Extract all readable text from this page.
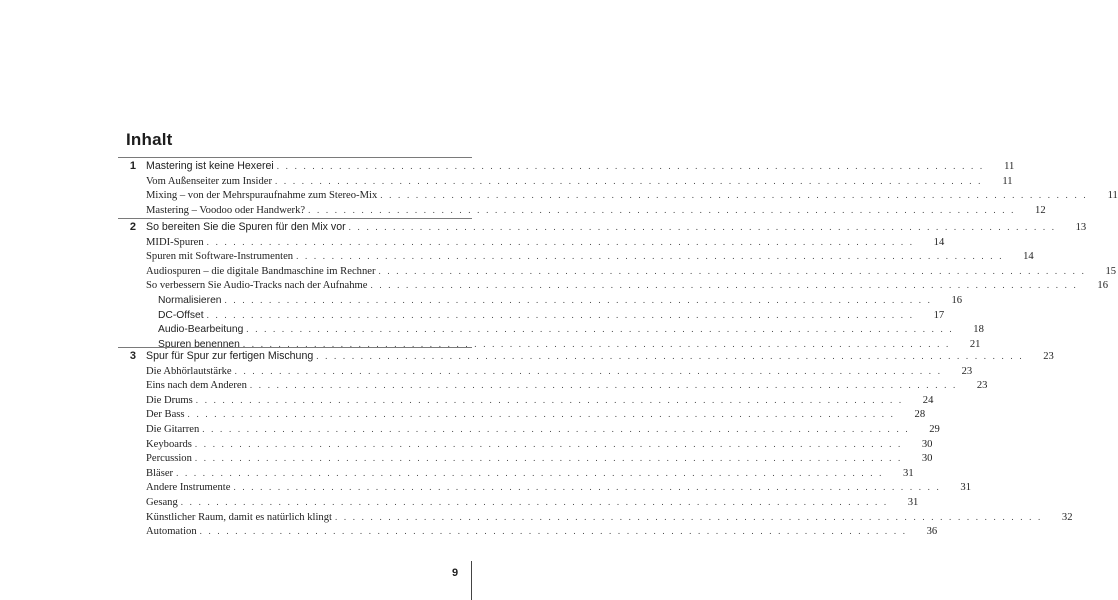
Inhalt
1 Mastering ist keine Hexerei . . . . . . . . . . . . . . . . . . . . . . . . . . . . . . . . . . . . . . . . . . . . . . . . . . . . . . . . . . . . . . . . . . . . . . . . . . . . . . . .	11
Vom Außenseiter zum Insider . . . . . . . . . . . . . . . . . . . . . . . . . . . . . . . . . . . . . . . . . . . . . . . . . . . . . . . . . . . . . . . . . . . . . . . . . . . . . . . .	11
Mixing – von der Mehrspuraufnahme zum Stereo-Mix . . . . . . . . . . . . . . . . . . . . . . . . . . . . . . . . . . . . . . . . . . . . . . . . . . . . . . . . . . . . . . . . . . . . . . . . . . . . . . . .	11
Mastering – Voodoo oder Handwerk? . . . . . . . . . . . . . . . . . . . . . . . . . . . . . . . . . . . . . . . . . . . . . . . . . . . . . . . . . . . . . . . . . . . . . . . . . . . . . . . .	12
2 So bereiten Sie die Spuren für den Mix vor . . . . . . . . . . . . . . . . . . . . . . . . . . . . . . . . . . . . . . . . . . . . . . . . . . . . . . . . . . . . . . . . . . . . . . . . . . . . . . . .	13
MIDI-Spuren . . . . . . . . . . . . . . . . . . . . . . . . . . . . . . . . . . . . . . . . . . . . . . . . . . . . . . . . . . . . . . . . . . . . . . . . . . . . . . . .	14
Spuren mit Software-Instrumenten . . . . . . . . . . . . . . . . . . . . . . . . . . . . . . . . . . . . . . . . . . . . . . . . . . . . . . . . . . . . . . . . . . . . . . . . . . . . . . . .	14
Audiospuren – die digitale Bandmaschine im Rechner . . . . . . . . . . . . . . . . . . . . . . . . . . . . . . . . . . . . . . . . . . . . . . . . . . . . . . . . . . . . . . . . . . . . . . . . . . . . . . . .	15
So verbessern Sie Audio-Tracks nach der Aufnahme . . . . . . . . . . . . . . . . . . . . . . . . . . . . . . . . . . . . . . . . . . . . . . . . . . . . . . . . . . . . . . . . . . . . . . . . . . . . . . . .	16
Normalisieren . . . . . . . . . . . . . . . . . . . . . . . . . . . . . . . . . . . . . . . . . . . . . . . . . . . . . . . . . . . . . . . . . . . . . . . . . . . . . . . .	16
DC-Offset . . . . . . . . . . . . . . . . . . . . . . . . . . . . . . . . . . . . . . . . . . . . . . . . . . . . . . . . . . . . . . . . . . . . . . . . . . . . . . . .	17
Audio-Bearbeitung . . . . . . . . . . . . . . . . . . . . . . . . . . . . . . . . . . . . . . . . . . . . . . . . . . . . . . . . . . . . . . . . . . . . . . . . . . . . . . . .	18
Spuren benennen . . . . . . . . . . . . . . . . . . . . . . . . . . . . . . . . . . . . . . . . . . . . . . . . . . . . . . . . . . . . . . . . . . . . . . . . . . . . . . . .	21
3 Spur für Spur zur fertigen Mischung . . . . . . . . . . . . . . . . . . . . . . . . . . . . . . . . . . . . . . . . . . . . . . . . . . . . . . . . . . . . . . . . . . . . . . . . . . . . . . . .	23
Die Abhörlautstärke . . . . . . . . . . . . . . . . . . . . . . . . . . . . . . . . . . . . . . . . . . . . . . . . . . . . . . . . . . . . . . . . . . . . . . . . . . . . . . . .	23
Eins nach dem Anderen . . . . . . . . . . . . . . . . . . . . . . . . . . . . . . . . . . . . . . . . . . . . . . . . . . . . . . . . . . . . . . . . . . . . . . . . . . . . . . . .	23
Die Drums . . . . . . . . . . . . . . . . . . . . . . . . . . . . . . . . . . . . . . . . . . . . . . . . . . . . . . . . . . . . . . . . . . . . . . . . . . . . . . . .	24
Der Bass . . . . . . . . . . . . . . . . . . . . . . . . . . . . . . . . . . . . . . . . . . . . . . . . . . . . . . . . . . . . . . . . . . . . . . . . . . . . . . . .	28
Die Gitarren . . . . . . . . . . . . . . . . . . . . . . . . . . . . . . . . . . . . . . . . . . . . . . . . . . . . . . . . . . . . . . . . . . . . . . . . . . . . . . . .	29
Keyboards . . . . . . . . . . . . . . . . . . . . . . . . . . . . . . . . . . . . . . . . . . . . . . . . . . . . . . . . . . . . . . . . . . . . . . . . . . . . . . . .	30
Percussion . . . . . . . . . . . . . . . . . . . . . . . . . . . . . . . . . . . . . . . . . . . . . . . . . . . . . . . . . . . . . . . . . . . . . . . . . . . . . . . .	30
Bläser . . . . . . . . . . . . . . . . . . . . . . . . . . . . . . . . . . . . . . . . . . . . . . . . . . . . . . . . . . . . . . . . . . . . . . . . . . . . . . . .	31
Andere Instrumente . . . . . . . . . . . . . . . . . . . . . . . . . . . . . . . . . . . . . . . . . . . . . . . . . . . . . . . . . . . . . . . . . . . . . . . . . . . . . . . .	31
Gesang . . . . . . . . . . . . . . . . . . . . . . . . . . . . . . . . . . . . . . . . . . . . . . . . . . . . . . . . . . . . . . . . . . . . . . . . . . . . . . . .	31
Künstlicher Raum, damit es natürlich klingt . . . . . . . . . . . . . . . . . . . . . . . . . . . . . . . . . . . . . . . . . . . . . . . . . . . . . . . . . . . . . . . . . . . . . . . . . . . . . . . .	32
Automation . . . . . . . . . . . . . . . . . . . . . . . . . . . . . . . . . . . . . . . . . . . . . . . . . . . . . . . . . . . . . . . . . . . . . . . . . . . . . . . .	36
9
